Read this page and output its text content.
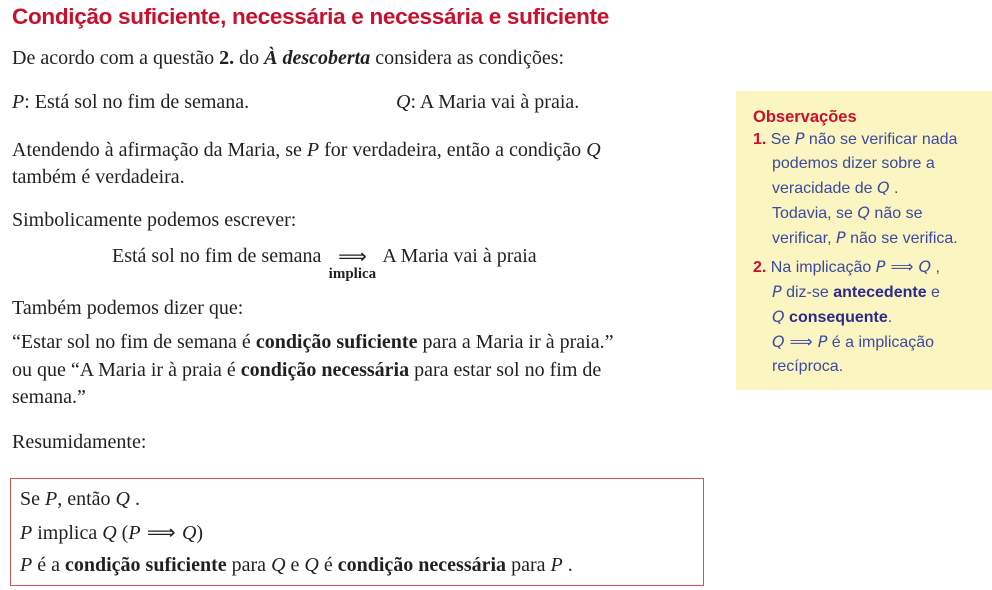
Condição suficiente, necessária e necessária e suficiente
De acordo com a questão 2. do À descoberta considera as condições:
P: Está sol no fim de semana.	Q: A Maria vai à praia.
Atendendo à afirmação da Maria, se P for verdadeira, então a condição Q
também é verdadeira.
Simbolicamente podemos escrever:
Está sol no fim de semana ⟹
implica
A Maria vai à praia
Também podemos dizer que:
“Estar sol no fim de semana é condição suficiente para a Maria ir à praia.”
ou que “A Maria ir à praia é condição necessária para estar sol no fim de
semana.”
Resumidamente:
Se P, então Q .
P implica Q (P ⟹ Q)
P é a condição suficiente para Q e Q é condição necessária para P .
Observações
1. Se P não se verificar nada
podemos dizer sobre a
veracidade de Q .
Todavia, se Q não se
verificar, P não se verifica.
2. Na implicação P ⟹ Q ,
P diz-se antecedente e
Q consequente.
Q ⟹ P é a implicação
recíproca.
